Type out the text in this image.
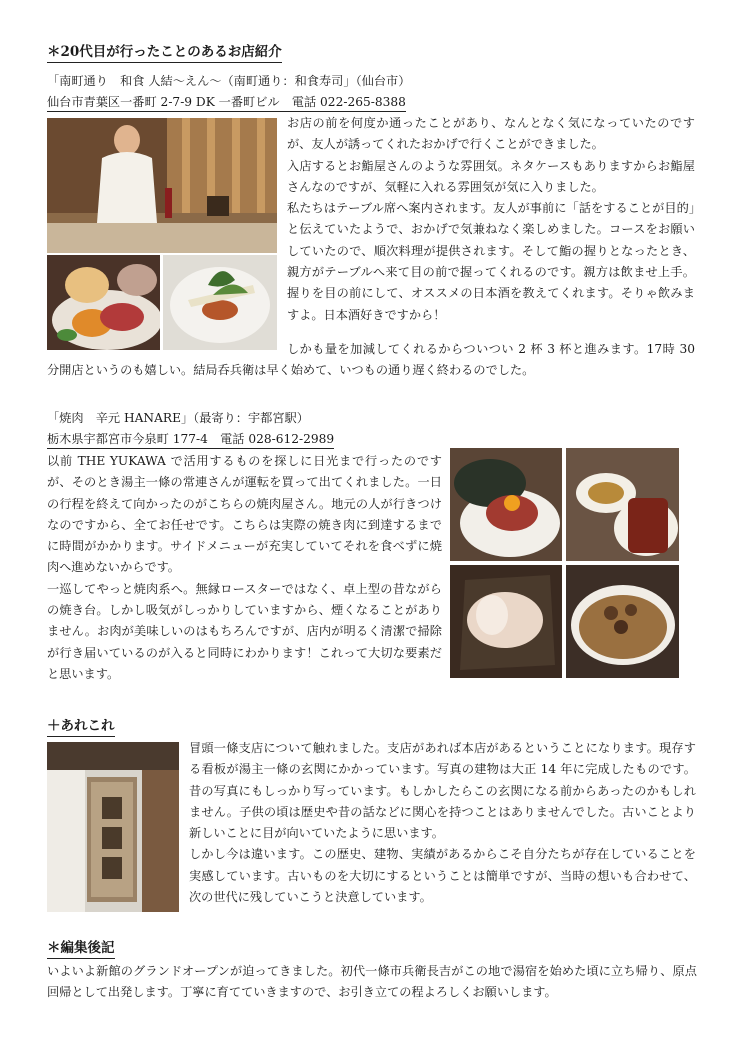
＊20代目が行ったことのあるお店紹介
「南町通り　和食 人結～えん～（南町通り：和食寿司」（仙台市）
仙台市青葉区一番町 2-7-9 DK 一番町ビル　電話 022-265-8388

お店の前を何度か通ったことがあり、なんとなく気になっていたのですが、友人が誘ってくれたおかげで行くことができました。

入店するとお鮨屋さんのような雰囲気。ネタケースもありますからお鮨屋さんなのですが、気軽に入れる雰囲気が気に入りました。

私たちはテーブル席へ案内されます。友人が事前に「話をすることが目的」と伝えていたようで、おかげで気兼ねなく楽しめました。コースをお願いしていたので、順次料理が提供されます。そして鮨の握りとなったとき、親方がテーブルへ来て目の前で握ってくれるのです。親方は飲ませ上手。握りを目の前にして、オススメの日本酒を教えてくれます。そりゃ飲みますよ。日本酒好きですから！

しかも量を加減してくれるからついつい 2 杯 3 杯と進みます。17時 30 分開店というのも嬉しい。結局呑兵衛は早く始めて、いつもの通り遅く終わるのでした。
「焼肉　辛元 HANARE」（最寄り：宇都宮駅）
栃木県宇都宮市今泉町 177-4　電話 028-612-2989

以前 THE YUKAWA で活用するものを探しに日光まで行ったのですが、そのとき湯主一條の常連さんが運転を買って出てくれました。一日の行程を終えて向かったのがこちらの焼肉屋さん。地元の人が行きつけなのですから、全てお任せです。こちらは実際の焼き肉に到達するまでに時間がかかります。サイドメニューが充実していてそれを食べずに焼肉へ進めないからです。

一巡してやっと焼肉系へ。無縁ロースターではなく、卓上型の昔ながらの焼き台。しかし吸気がしっかりしていますから、煙くなることがありません。お肉が美味しいのはもちろんですが、店内が明るく清潔で掃除が行き届いているのが入ると同時にわかります！これって大切な要素だと思います。

＋あれこれ

冒頭一條支店について触れました。支店があれば本店があるということになります。現存する看板が湯主一條の玄関にかかっています。写真の建物は大正 14 年に完成したものです。昔の写真にもしっかり写っています。もしかしたらこの玄関になる前からあったのかもしれません。子供の頃は歴史や昔の話などに関心を持つことはありませんでした。古いことより新しいことに目が向いていたように思います。

しかし今は違います。この歴史、建物、実績があるからこそ自分たちが存在していることを実感しています。古いものを大切にするということは簡単ですが、当時の想いも合わせて、次の世代に残していこうと決意しています。

＊編集後記
いよいよ新館のグランドオープンが迫ってきました。初代一條市兵衛長吉がこの地で湯宿を始めた頃に立ち帰り、原点回帰として出発します。丁寧に育てていきますので、お引き立ての程よろしくお願いします。
